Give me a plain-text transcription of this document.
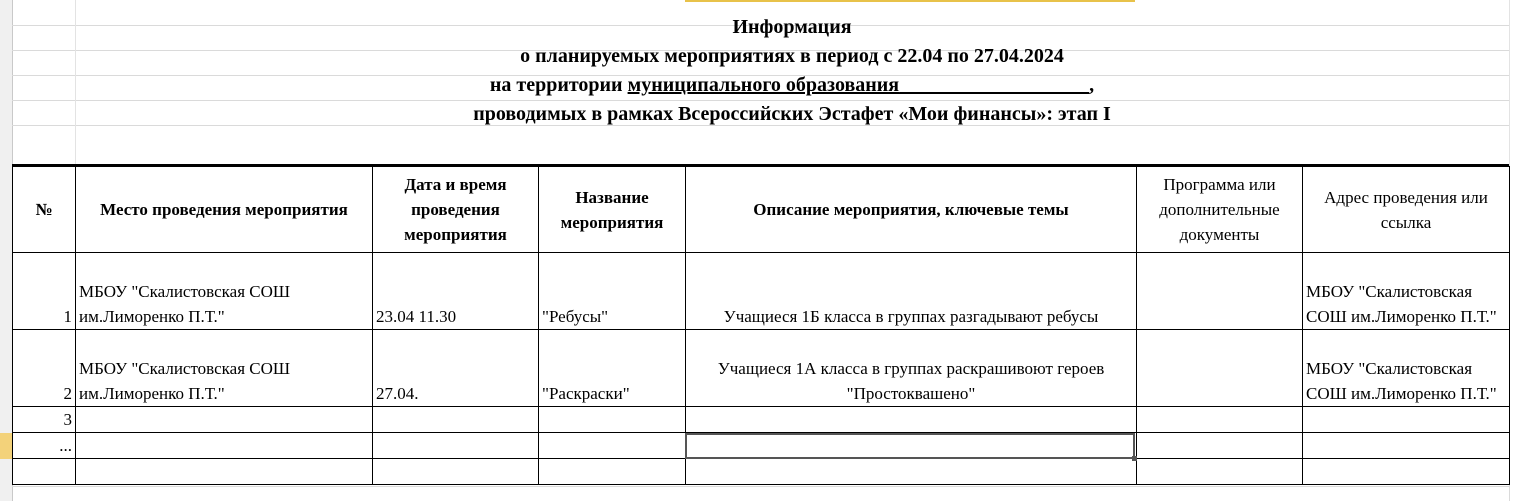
Информация
о планируемых мероприятиях в период с 22.04 по 27.04.2024
на территории муниципального образования___________________,
проводимых в рамках Всероссийских Эстафет «Мои финансы»: этап I
№	Место проведения мероприятия	Дата и время проведения мероприятия	Название мероприятия	Описание мероприятия, ключевые темы	Программа или дополнительные документы	Адрес проведения или ссылка
1	МБОУ "Скалистовская СОШ им.Лиморенко П.Т."	23.04 11.30	"Ребусы"	Учащиеся 1Б класса в группах разгадывают ребусы		МБОУ "Скалистовская СОШ им.Лиморенко П.Т."
2	МБОУ "Скалистовская СОШ им.Лиморенко П.Т."	27.04.	"Раскраски"	Учащиеся 1А класса в группах раскрашивоют героев "Простоквашено"		МБОУ "Скалистовская СОШ им.Лиморенко П.Т."
3						
...						
